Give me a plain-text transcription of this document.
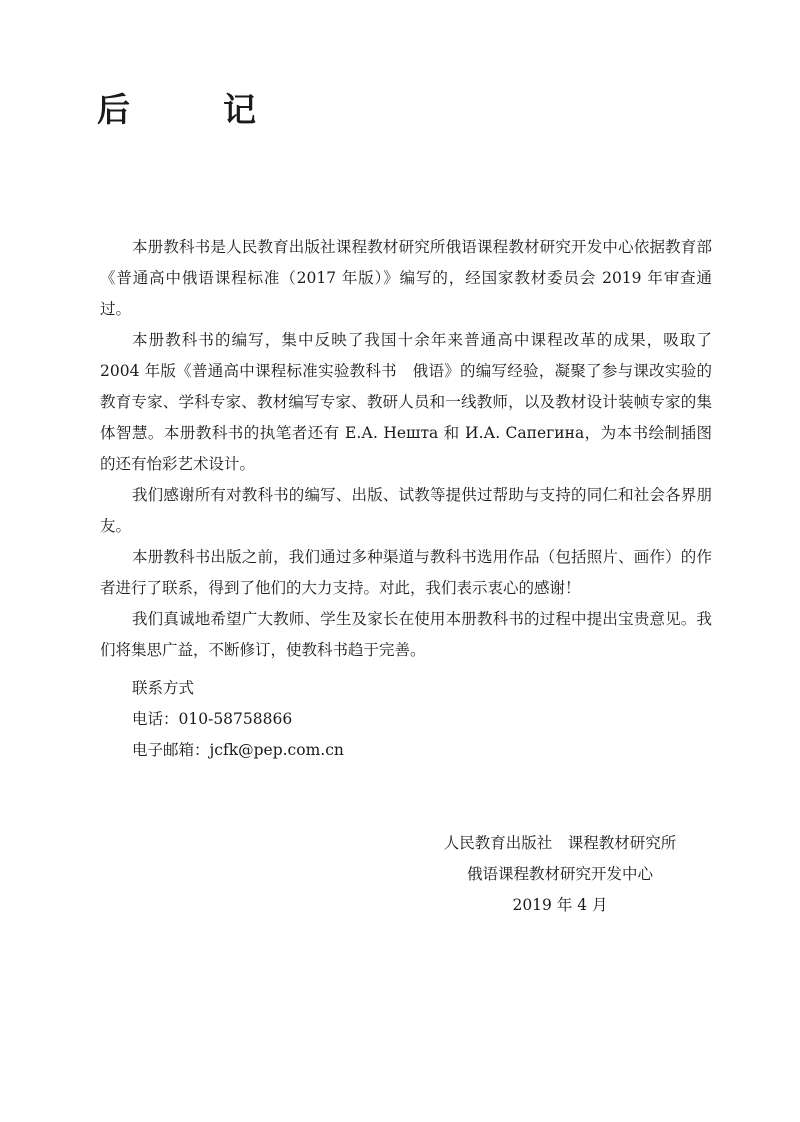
后　记

本册教科书是人民教育出版社课程教材研究所俄语课程教材研究开发中心依据教育部《普通高中俄语课程标准（2017 年版）》编写的，经国家教材委员会 2019 年审查通过。

本册教科书的编写，集中反映了我国十余年来普通高中课程改革的成果，吸取了 2004 年版《普通高中课程标准实验教科书　俄语》的编写经验，凝聚了参与课改实验的教育专家、学科专家、教材编写专家、教研人员和一线教师，以及教材设计装帧专家的集体智慧。本册教科书的执笔者还有 Е.А. Нешта 和 И.А. Сапегина，为本书绘制插图的还有怡彩艺术设计。

我们感谢所有对教科书的编写、出版、试教等提供过帮助与支持的同仁和社会各界朋友。

本册教科书出版之前，我们通过多种渠道与教科书选用作品（包括照片、画作）的作者进行了联系，得到了他们的大力支持。对此，我们表示衷心的感谢！

我们真诚地希望广大教师、学生及家长在使用本册教科书的过程中提出宝贵意见。我们将集思广益，不断修订，使教科书趋于完善。

联系方式
电话：010-58758866
电子邮箱：jcfk@pep.com.cn
人民教育出版社　课程教材研究所
俄语课程教材研究开发中心
2019 年 4 月
